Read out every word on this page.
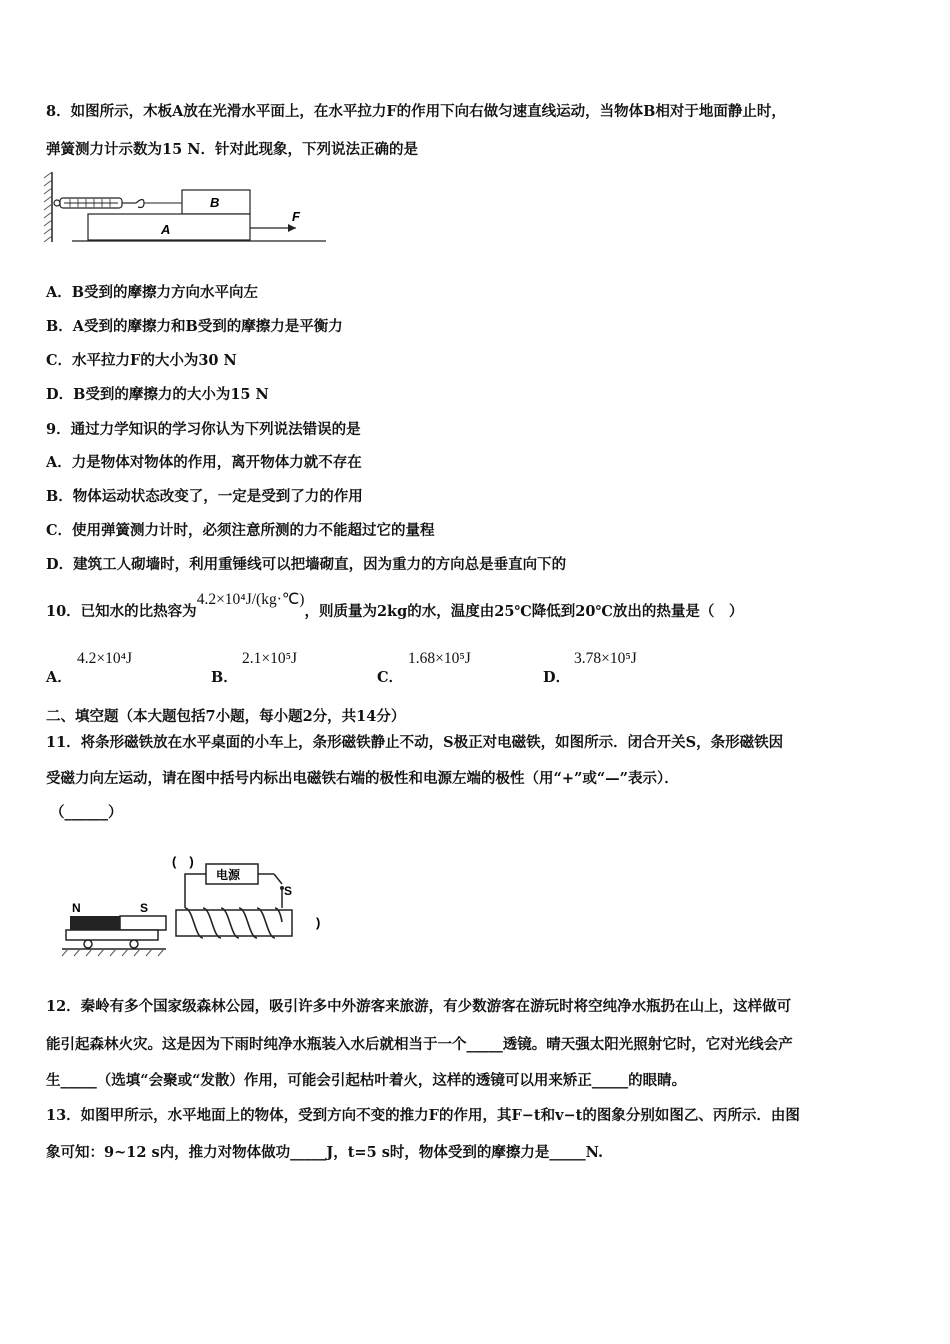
8．如图所示，木板A放在光滑水平面上，在水平拉力F的作用下向右做匀速直线运动，当物体B相对于地面静止时，
弹簧测力计示数为15 N．针对此现象，下列说法正确的是
B
A
F
A．B受到的摩擦力方向水平向左
B．A受到的摩擦力和B受到的摩擦力是平衡力
C．水平拉力F的大小为30 N
D．B受到的摩擦力的大小为15 N
9．通过力学知识的学习你认为下列说法错误的是
A．力是物体对物体的作用，离开物体力就不存在
B．物体运动状态改变了，一定是受到了力的作用
C．使用弹簧测力计时，必须注意所测的力不能超过它的量程
D．建筑工人砌墙时，利用重锤线可以把墙砌直，因为重力的方向总是垂直向下的
10．已知水的比热容为4.2×10⁴J/(kg·℃)，则质量为2kg的水，温度由25℃降低到20℃放出的热量是（　）
A．
4.2×10⁴J
B．
2.1×10⁵J
C．
1.68×10⁵J
D．
3.78×10⁵J
二、填空题（本大题包括7小题，每小题2分，共14分）
11．将条形磁铁放在水平桌面的小车上，条形磁铁静止不动，S极正对电磁铁，如图所示．闭合开关S，条形磁铁因
受磁力向左运动，请在图中括号内标出电磁铁右端的极性和电源左端的极性（用“+”或“—”表示）．
（______）
(　)
电源
S
)
N	S
12．秦岭有多个国家级森林公园，吸引许多中外游客来旅游，有少数游客在游玩时将空纯净水瓶扔在山上，这样做可
能引起森林火灾。这是因为下雨时纯净水瓶装入水后就相当于一个_____透镜。晴天强太阳光照射它时，它对光线会产
生_____（选填“会聚或“发散）作用，可能会引起枯叶着火，这样的透镜可以用来矫正_____的眼睛。
13．如图甲所示，水平地面上的物体，受到方向不变的推力F的作用，其F−t和v−t的图象分别如图乙、丙所示．由图
象可知：9~12 s内，推力对物体做功_____J，t=5 s时，物体受到的摩擦力是_____N.
